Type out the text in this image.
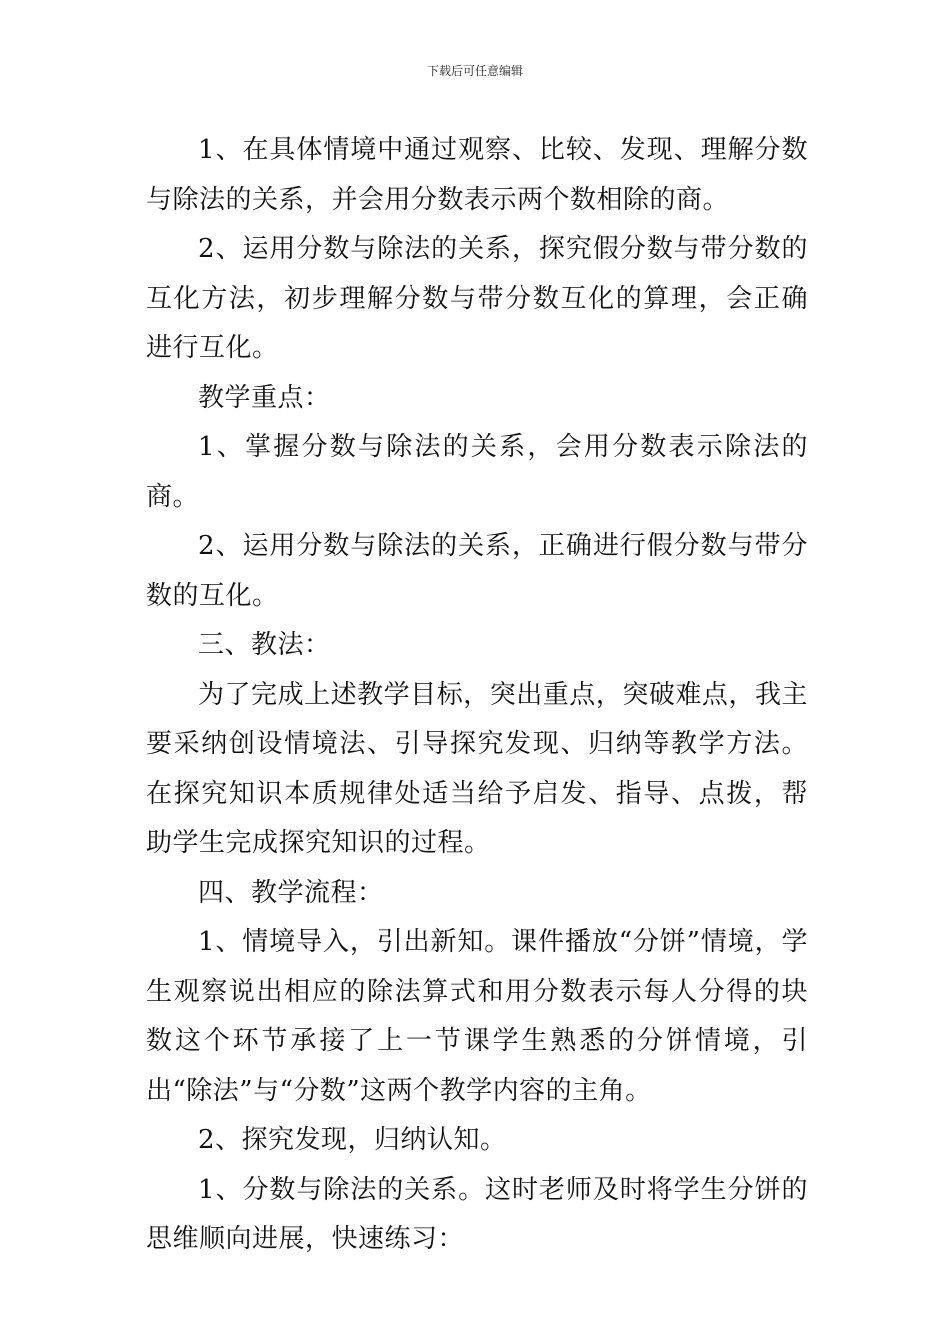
下载后可任意编辑

1、在具体情境中通过观察、比较、发现、理解分数与除法的关系，并会用分数表示两个数相除的商。

2、运用分数与除法的关系，探究假分数与带分数的互化方法，初步理解分数与带分数互化的算理，会正确进行互化。

教学重点：

1、掌握分数与除法的关系，会用分数表示除法的商。

2、运用分数与除法的关系，正确进行假分数与带分数的互化。

三、教法：

为了完成上述教学目标，突出重点，突破难点，我主要采纳创设情境法、引导探究发现、归纳等教学方法。在探究知识本质规律处适当给予启发、指导、点拨，帮助学生完成探究知识的过程。

四、教学流程：

1、情境导入，引出新知。课件播放“分饼”情境，学生观察说出相应的除法算式和用分数表示每人分得的块数这个环节承接了上一节课学生熟悉的分饼情境，引出“除法”与“分数”这两个教学内容的主角。

2、探究发现，归纳认知。

1、分数与除法的关系。这时老师及时将学生分饼的思维顺向进展，快速练习：
